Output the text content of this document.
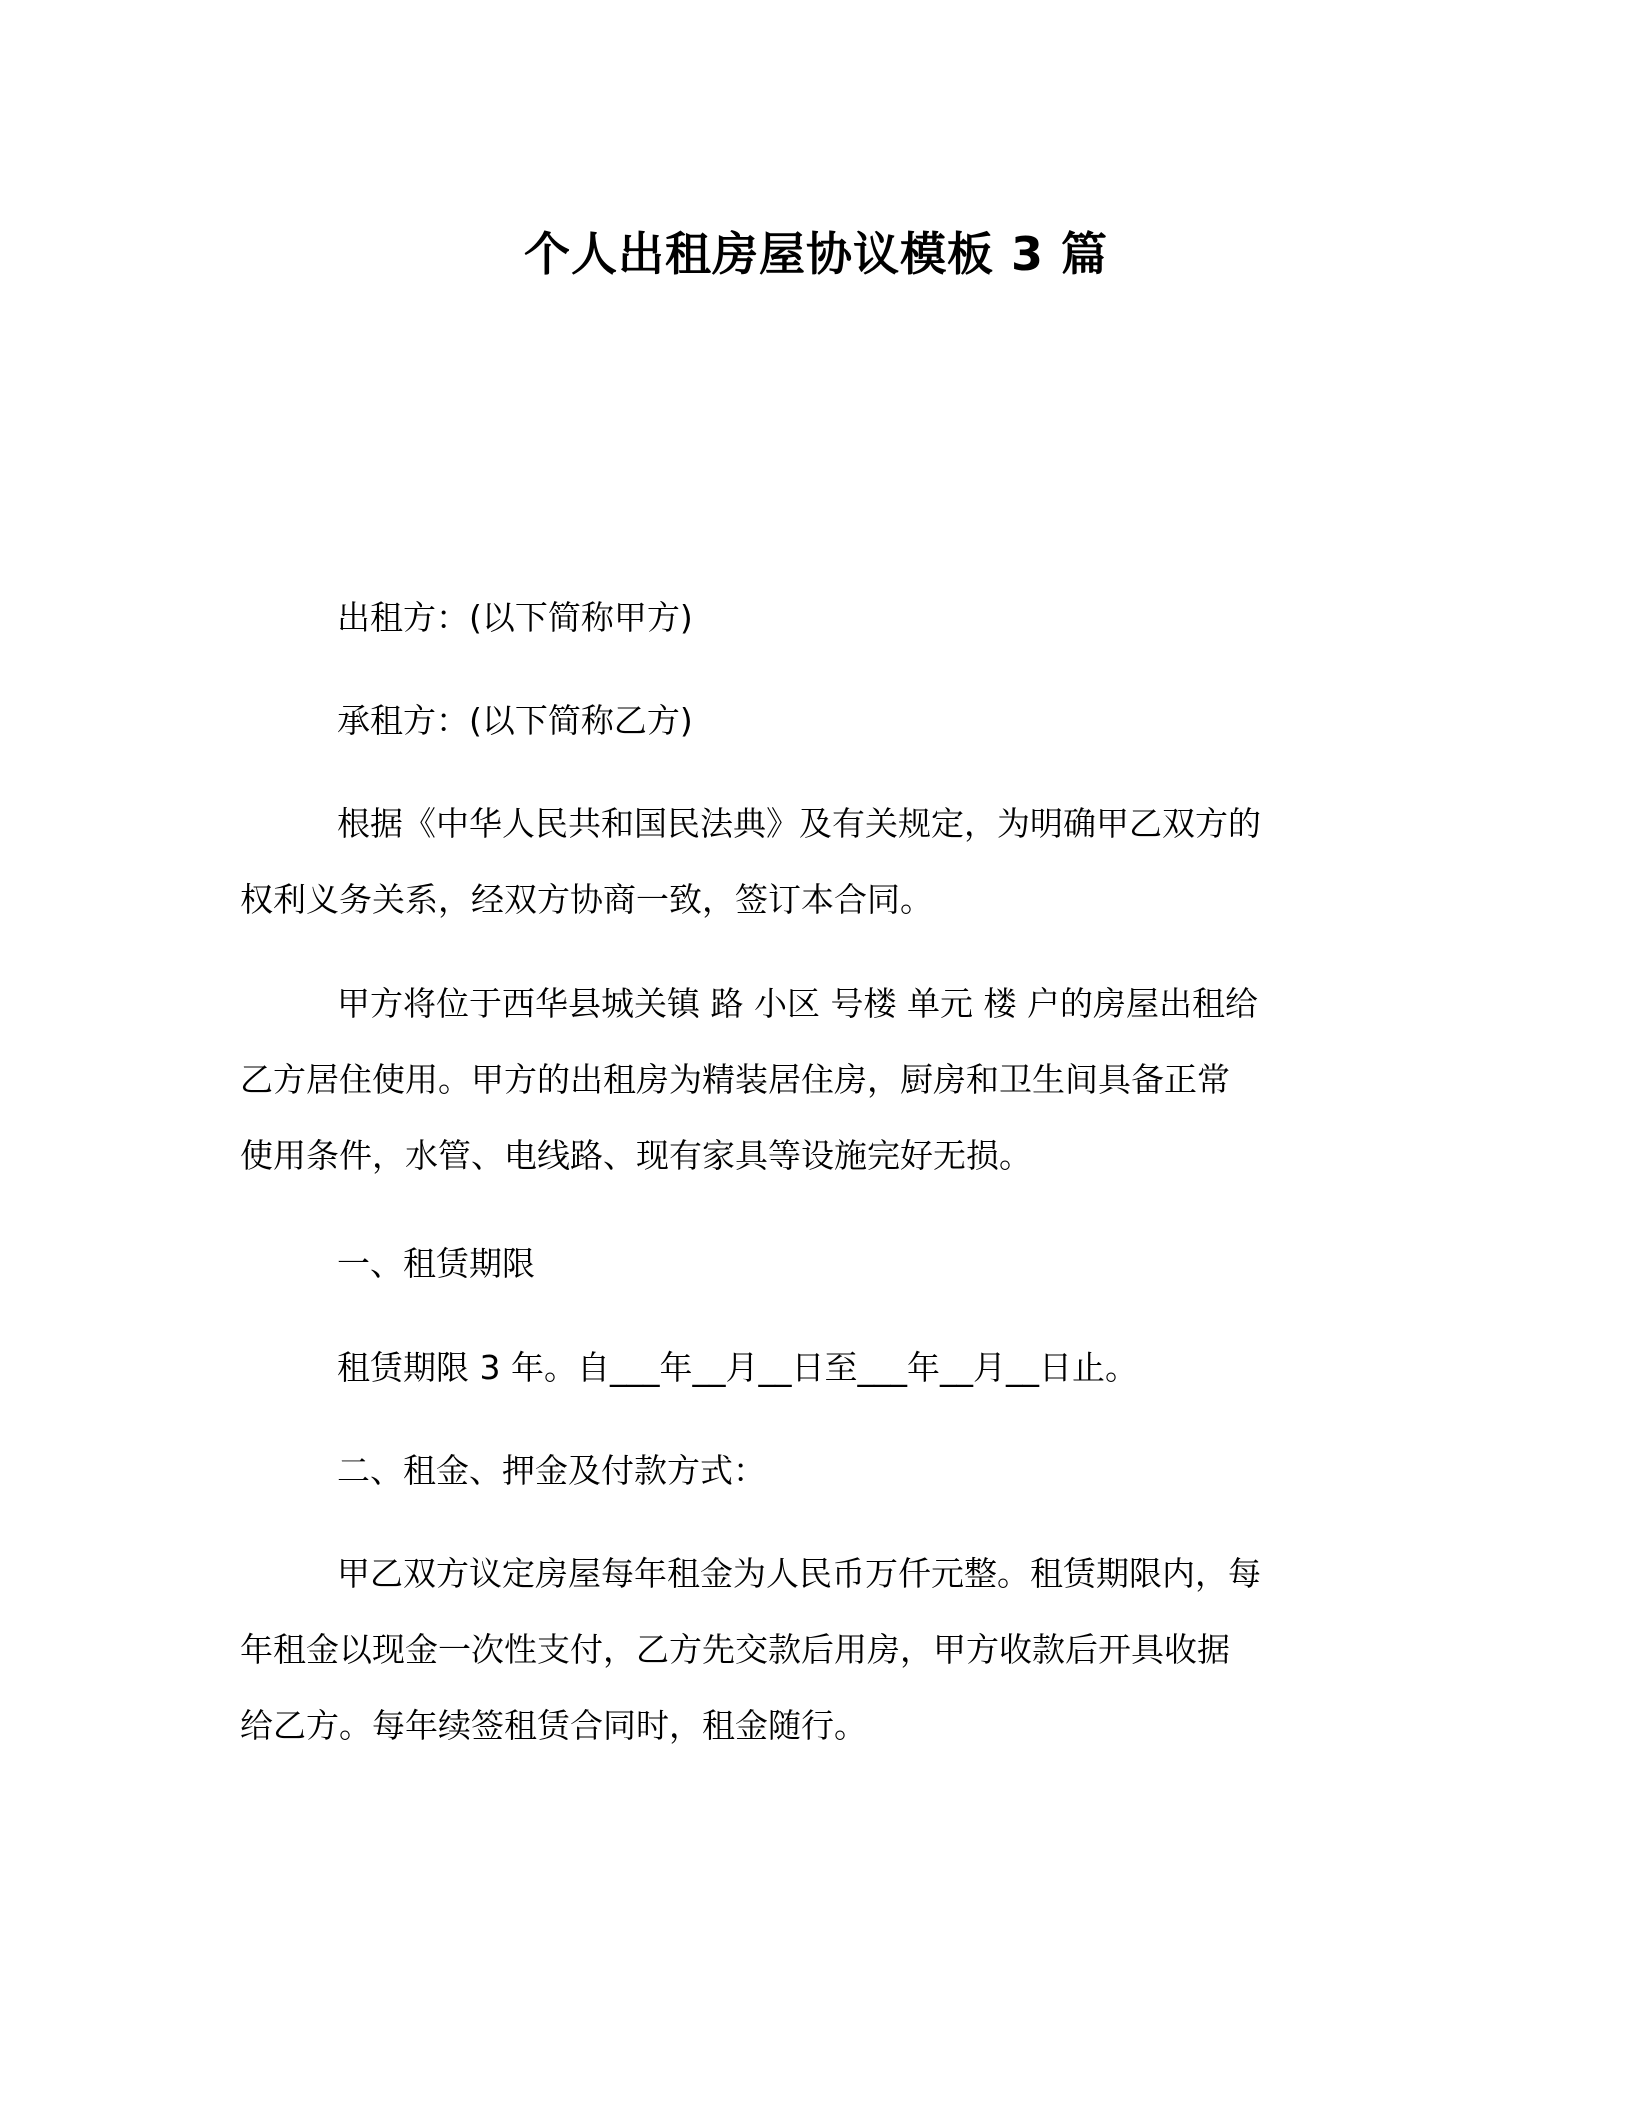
个人出租房屋协议模板 3 篇

出租方：(以下简称甲方)

承租方：(以下简称乙方)

根据《中华人民共和国民法典》及有关规定，为明确甲乙双方的
权利义务关系，经双方协商一致，签订本合同。

甲方将位于西华县城关镇 路 小区 号楼 单元 楼 户的房屋出租给
乙方居住使用。甲方的出租房为精装居住房，厨房和卫生间具备正常
使用条件，水管、电线路、现有家具等设施完好无损。

一、租赁期限

租赁期限 3 年。自___年__月__日至___年__月__日止。

二、租金、押金及付款方式：

甲乙双方议定房屋每年租金为人民币万仟元整。租赁期限内，每
年租金以现金一次性支付，乙方先交款后用房，甲方收款后开具收据
给乙方。每年续签租赁合同时，租金随行。
